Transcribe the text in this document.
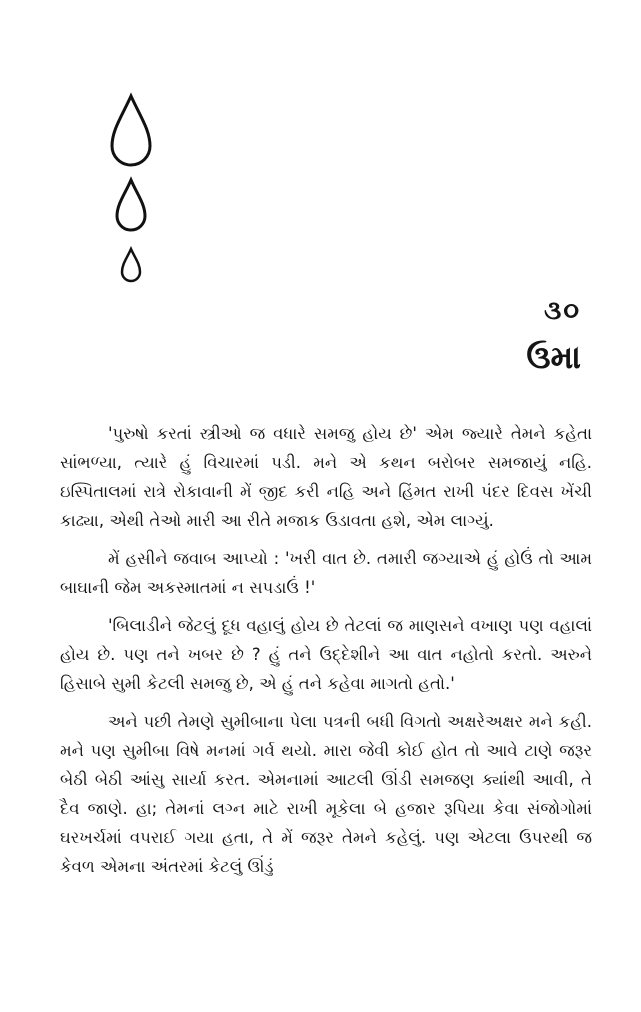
૩૦
ઉમા

'પુરુષો કરતાં સ્ત્રીઓ જ વધારે સમજુ હોય છે' એમ જ્યારે તેમને કહેતા સાંભળ્યા, ત્યારે હું વિચારમાં પડી. મને એ કથન બરોબર સમજાયું નહિ. ઇસ્પિતાલમાં રાત્રે રોકાવાની મેં જીદ કરી નહિ અને હિંમત રાખી પંદર દિવસ ખેંચી કાઢ્યા, એથી તેઓ મારી આ રીતે મજાક ઉડાવતા હશે, એમ લાગ્યું.

મેં હસીને જવાબ આપ્યો : 'ખરી વાત છે. તમારી જગ્યાએ હું હોઉં તો આમ બાઘાની જેમ અકસ્માતમાં ન સપડાઉં !'

'બિલાડીને જેટલું દૂધ વહાલું હોય છે તેટલાં જ માણસને વખાણ પણ વહાલાં હોય છે. પણ તને ખબર છે ? હું તને ઉદ્દેશીને આ વાત નહોતો કરતો. અરુને હિસાબે સુમી કેટલી સમજુ છે, એ હું તને કહેવા માગતો હતો.'

અને પછી તેમણે સુમીબાના પેલા પત્રની બધી વિગતો અક્ષરેઅક્ષર મને કહી. મને પણ સુમીબા વિષે મનમાં ગર્વ થયો. મારા જેવી કોઈ હોત તો આવે ટાણે જરૂર બેઠી બેઠી આંસુ સાર્યા કરત. એમનામાં આટલી ઊંડી સમજણ ક્યાંથી આવી, તે દૈવ જાણે. હા; તેમનાં લગ્ન માટે રાખી મૂકેલા બે હજાર રૂપિયા કેવા સંજોગોમાં ઘરખર્ચમાં વપરાઈ ગયા હતા, તે મેં જરૂર તેમને કહેલું. પણ એટલા ઉપરથી જ કેવળ એમના અંતરમાં કેટલું ઊંડું
